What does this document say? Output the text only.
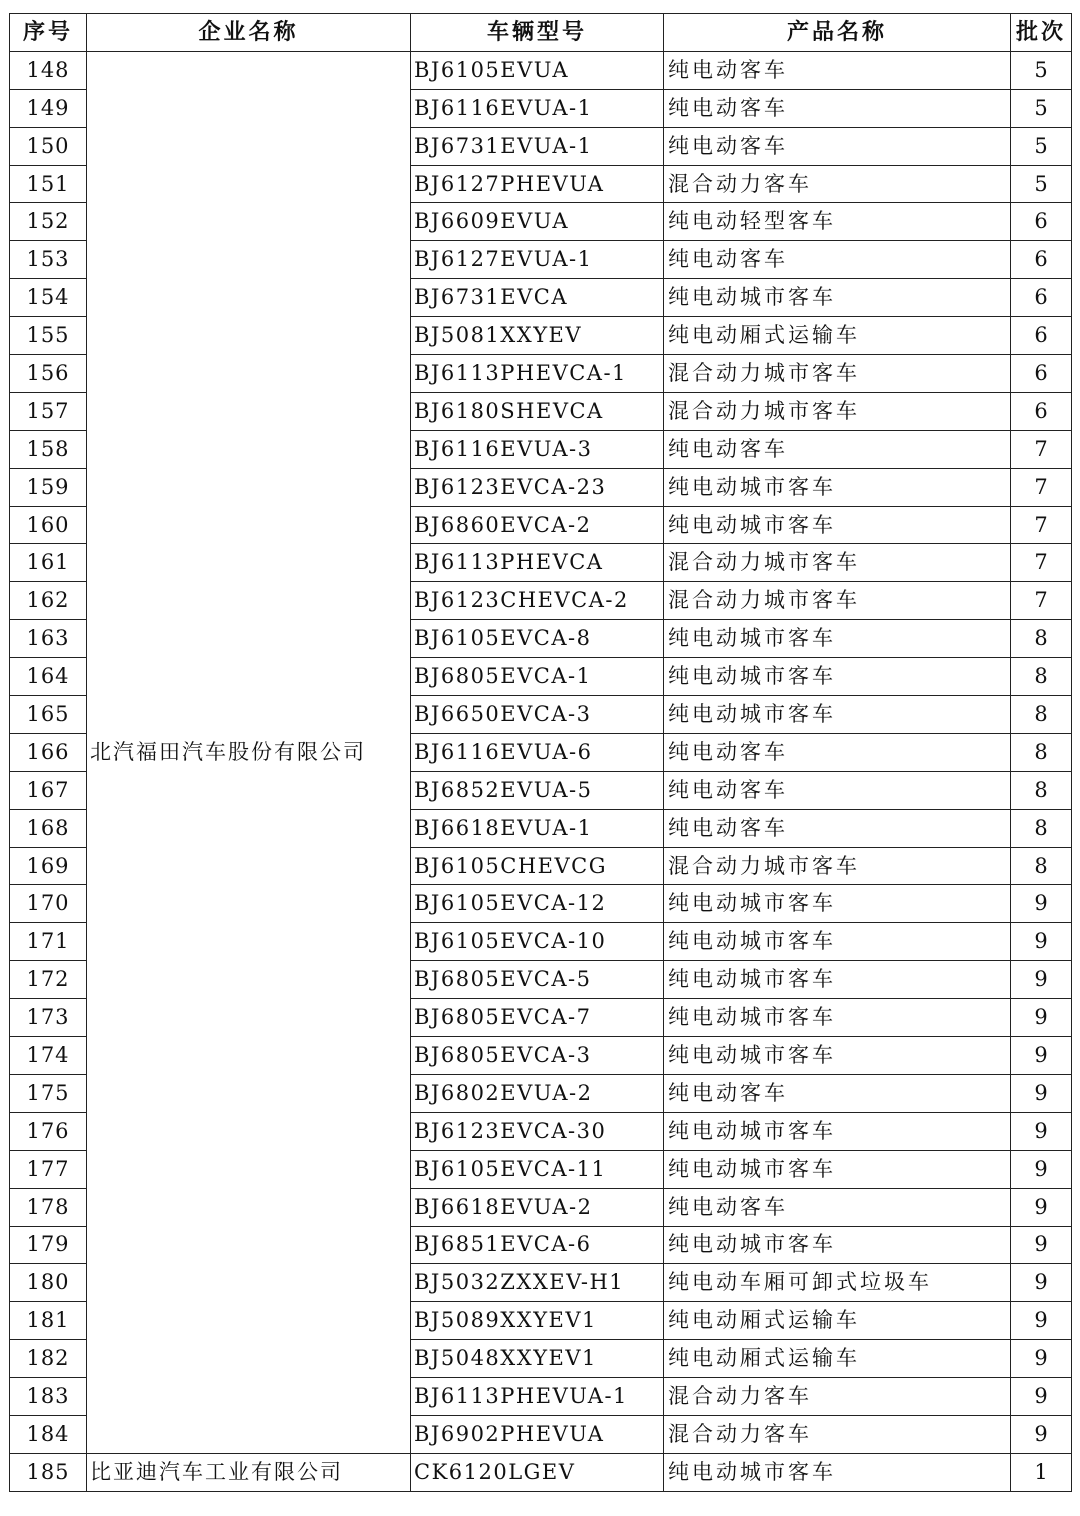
序号	企业名称	车辆型号	产品名称	批次
148	北汽福田汽车股份有限公司	BJ6105EVUA	纯电动客车	5
149		BJ6116EVUA-1	纯电动客车	5
150		BJ6731EVUA-1	纯电动客车	5
151		BJ6127PHEVUA	混合动力客车	5
152		BJ6609EVUA	纯电动轻型客车	6
153		BJ6127EVUA-1	纯电动客车	6
154		BJ6731EVCA	纯电动城市客车	6
155		BJ5081XXYEV	纯电动厢式运输车	6
156		BJ6113PHEVCA-1	混合动力城市客车	6
157		BJ6180SHEVCA	混合动力城市客车	6
158		BJ6116EVUA-3	纯电动客车	7
159		BJ6123EVCA-23	纯电动城市客车	7
160		BJ6860EVCA-2	纯电动城市客车	7
161		BJ6113PHEVCA	混合动力城市客车	7
162		BJ6123CHEVCA-2	混合动力城市客车	7
163		BJ6105EVCA-8	纯电动城市客车	8
164		BJ6805EVCA-1	纯电动城市客车	8
165		BJ6650EVCA-3	纯电动城市客车	8
166		BJ6116EVUA-6	纯电动客车	8
167		BJ6852EVUA-5	纯电动客车	8
168		BJ6618EVUA-1	纯电动客车	8
169		BJ6105CHEVCG	混合动力城市客车	8
170		BJ6105EVCA-12	纯电动城市客车	9
171		BJ6105EVCA-10	纯电动城市客车	9
172		BJ6805EVCA-5	纯电动城市客车	9
173		BJ6805EVCA-7	纯电动城市客车	9
174		BJ6805EVCA-3	纯电动城市客车	9
175		BJ6802EVUA-2	纯电动客车	9
176		BJ6123EVCA-30	纯电动城市客车	9
177		BJ6105EVCA-11	纯电动城市客车	9
178		BJ6618EVUA-2	纯电动客车	9
179		BJ6851EVCA-6	纯电动城市客车	9
180		BJ5032ZXXEV-H1	纯电动车厢可卸式垃圾车	9
181		BJ5089XXYEV1	纯电动厢式运输车	9
182		BJ5048XXYEV1	纯电动厢式运输车	9
183		BJ6113PHEVUA-1	混合动力客车	9
184		BJ6902PHEVUA	混合动力客车	9
185	比亚迪汽车工业有限公司	CK6120LGEV	纯电动城市客车	1
